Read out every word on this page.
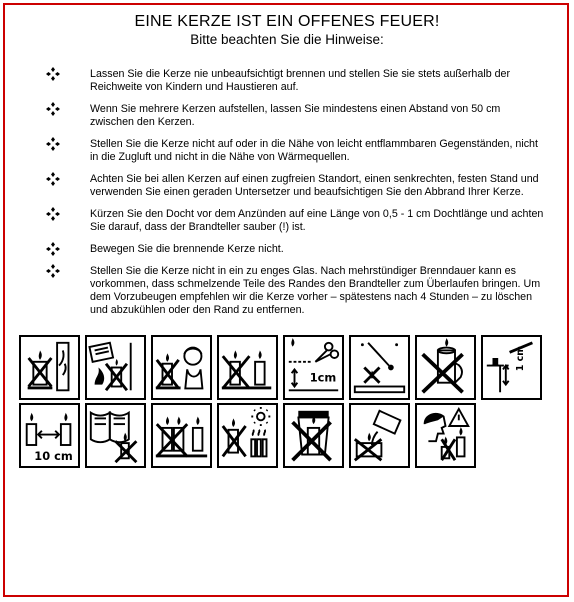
EINE KERZE IST EIN OFFENES FEUER!
Bitte beachten Sie die Hinweise:
Lassen Sie die Kerze nie unbeaufsichtigt brennen und stellen Sie sie stets außerhalb der Reichweite von Kindern und Haustieren auf.
Wenn Sie mehrere Kerzen aufstellen, lassen Sie mindestens einen Abstand von 50 cm zwischen den Kerzen.
Stellen Sie die Kerze nicht auf oder in die Nähe von leicht entflammbaren Gegenständen, nicht in die Zugluft und nicht in die Nähe von Wärmequellen.
Achten Sie bei allen Kerzen auf einen zugfreien Standort, einen senkrechten, festen Stand und verwenden Sie einen geraden Untersetzer und beaufsichtigen Sie den Abbrand Ihrer Kerze.
Kürzen Sie den Docht vor dem Anzünden auf eine Länge von 0,5 - 1 cm Dochtlänge und achten Sie darauf, dass der Brandteller sauber (!) ist.
Bewegen Sie die brennende Kerze nicht.
Stellen Sie die Kerze nicht in ein zu enges Glas. Nach mehrstündiger Brenndauer kann es vorkommen, dass schmelzende Teile des Randes den Brandteller zum Überlaufen bringen. Um dem Vorzubeugen empfehlen wir die Kerze vorher – spätestens nach 4 Stunden – zu löschen und abzukühlen oder den Rand zu entfernen.
1cm
1 cm
10 cm
